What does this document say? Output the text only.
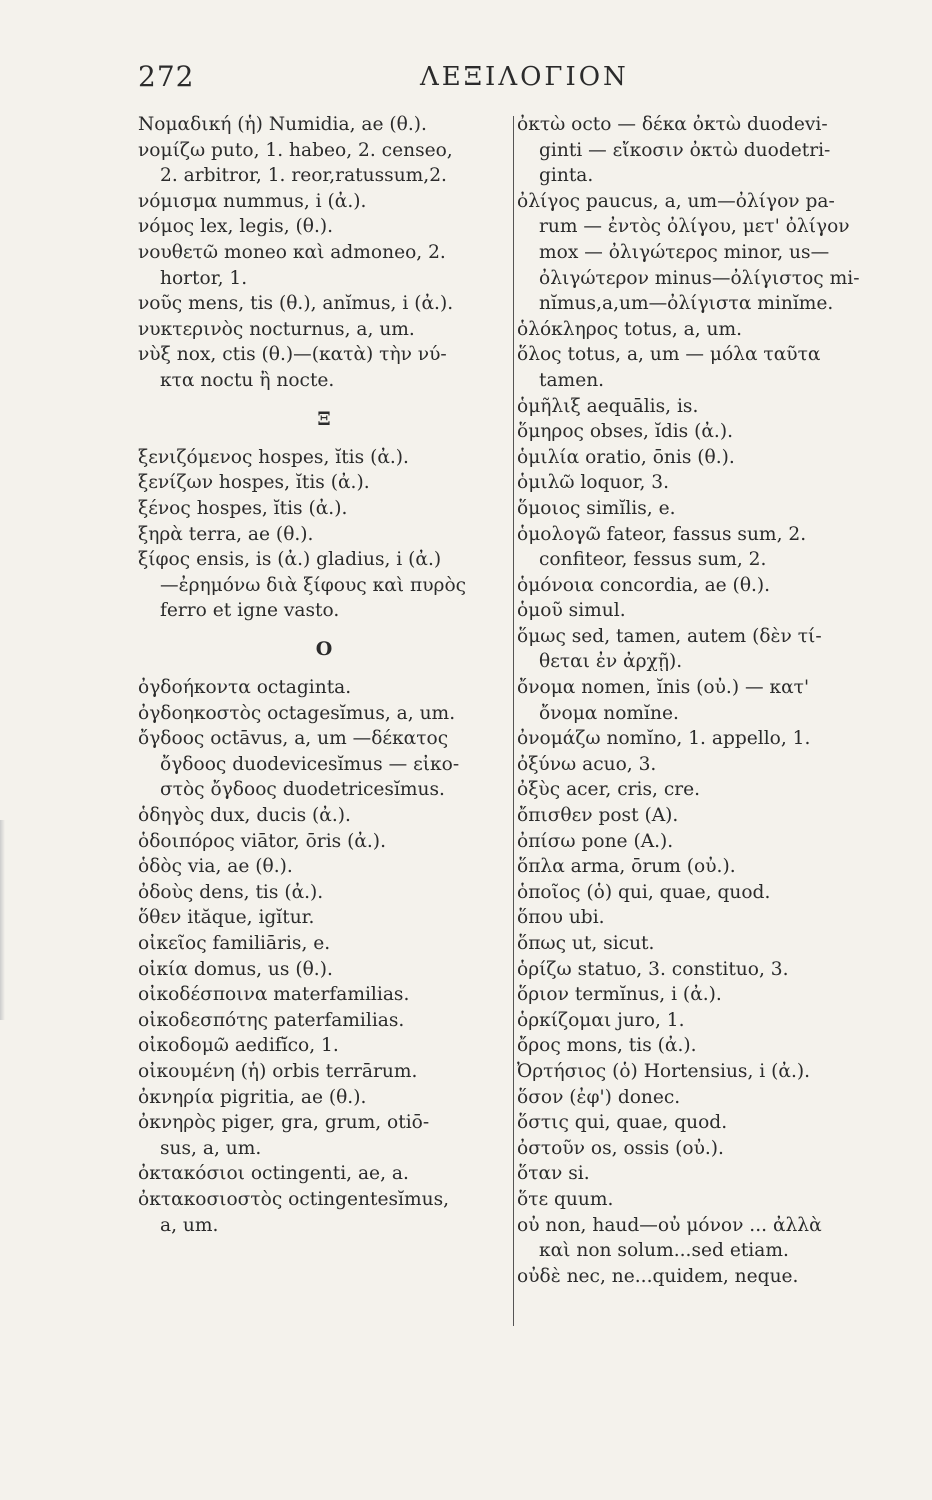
272	ΛΕΞΙΛΟΓΙΟΝ
Νομαδική (ἡ) Numidia, ae (θ.).
νομίζω puto, 1. habeo, 2. censeo,
2. arbitror, 1. reor,ratussum,2.
νόμισμα nummus, i (ἀ.).
νόμος lex, legis, (θ.).
νουθετῶ moneo καὶ admoneo, 2.
hortor, 1.
νοῦς mens, tis (θ.), anĭmus, i (ἀ.).
νυκτερινὸς nocturnus, a, um.
νὺξ nox, ctis (θ.)—(κατὰ) τὴν νύ-
κτα noctu ἢ nocte.
Ξ
ξενιζόμενος hospes, ĭtis (ἀ.).
ξενίζων hospes, ĭtis (ἀ.).
ξένος hospes, ĭtis (ἀ.).
ξηρὰ terra, ae (θ.).
ξίφος ensis, is (ἀ.) gladius, i (ἀ.)
—ἐρημόνω διὰ ξίφους καὶ πυρὸς
ferro et igne vasto.
Ο
ὀγδοήκοντα octaginta.
ὀγδοηκοστὸς octagesĭmus, a, um.
ὄγδοος octāvus, a, um —δέκατος
ὄγδοος duodevicesĭmus — εἰκο-
στὸς ὄγδοος duodetricesĭmus.
ὁδηγὸς dux, ducis (ἀ.).
ὁδοιπόρος viātor, ōris (ἀ.).
ὁδὸς via, ae (θ.).
ὀδοὺς dens, tis (ἀ.).
ὅθεν ităque, igĭtur.
οἰκεῖος familiāris, e.
οἰκία domus, us (θ.).
οἰκοδέσποινα materfamilias.
οἰκοδεσπότης paterfamilias.
οἰκοδομῶ aedifĭco, 1.
οἰκουμένη (ἡ) orbis terrārum.
ὀκνηρία pigritia, ae (θ.).
ὀκνηρὸς piger, gra, grum, otiō-
sus, a, um.
ὀκτακόσιοι octingenti, ae, a.
ὀκτακοσιοστὸς octingentesĭmus,
a, um.
ὀκτὼ octo — δέκα ὀκτὼ duodevi-
ginti — εἴκοσιν ὀκτὼ duodetri-
ginta.
ὀλίγος paucus, a, um—ὀλίγον pa-
rum — ἐντὸς ὀλίγου, μετ' ὀλίγον
mox — ὀλιγώτερος minor, us—
ὀλιγώτερον minus—ὀλίγιστος mi-
nĭmus,a,um—ὀλίγιστα minĭme.
ὁλόκληρος totus, a, um.
ὅλος totus, a, um — μόλα ταῦτα
tamen.
ὁμῆλιξ aequālis, is.
ὅμηρος obses, ĭdis (ἀ.).
ὁμιλία oratio, ōnis (θ.).
ὁμιλῶ loquor, 3.
ὅμοιος simĭlis, e.
ὁμολογῶ fateor, fassus sum, 2.
confiteor, fessus sum, 2.
ὁμόνοια concordia, ae (θ.).
ὁμοῦ simul.
ὅμως sed, tamen, autem (δὲν τί-
θεται ἐν ἀρχῇ).
ὄνομα nomen, ĭnis (οὐ.) — κατ'
ὄνομα nomĭne.
ὀνομάζω nomĭno, 1. appello, 1.
ὀξύνω acuo, 3.
ὀξὺς acer, cris, cre.
ὄπισθεν post (A).
ὀπίσω pone (A.).
ὅπλα arma, ōrum (οὐ.).
ὁποῖος (ὁ) qui, quae, quod.
ὅπου ubi.
ὅπως ut, sicut.
ὁρίζω statuo, 3. constituo, 3.
ὅριον termĭnus, i (ἀ.).
ὁρκίζομαι juro, 1.
ὄρος mons, tis (ἀ.).
Ὀρτήσιος (ὁ) Hortensius, i (ἀ.).
ὅσον (ἐφ') donec.
ὅστις qui, quae, quod.
ὀστοῦν os, ossis (οὐ.).
ὅταν si.
ὅτε quum.
οὐ non, haud—οὐ μόνον ... ἀλλὰ
καὶ non solum...sed etiam.
οὐδὲ nec, ne...quidem, neque.
